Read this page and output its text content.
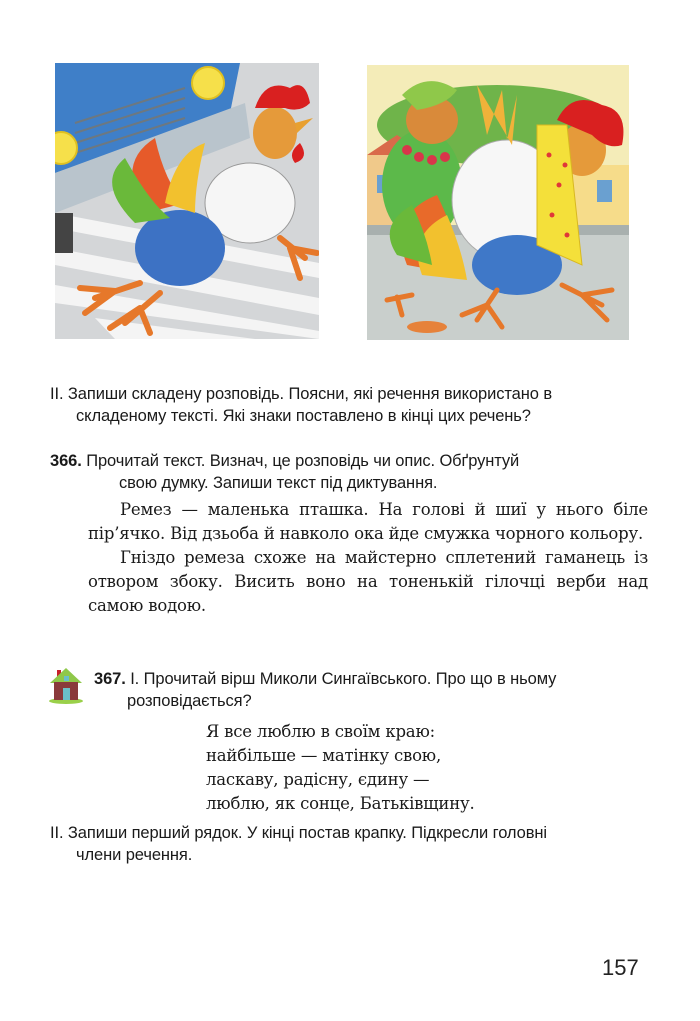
II. Запиши складену розповідь. Поясни, які речення використано в
складеному тексті. Які знаки поставлено в кінці цих речень?
366. Прочитай текст. Визнач, це розповідь чи опис. Обґрунтуй
свою думку. Запиши текст під диктування.

Ремез — маленька пташка. На голові й шиї у нього біле пір’ячко. Від дзьоба й навколо ока йде смужка чорного кольору.

Гніздо ремеза схоже на майстерно сплетений гаманець із отвором збоку. Висить воно на тоненькій гілочці верби над самою водою.

367. І. Прочитай вірш Миколи Сингаївського. Про що в ньому
розповідається?
Я все люблю в своїм краю:
найбільше — матінку свою,
ласкаву, радісну, єдину —
люблю, як сонце, Батьківщину.
II. Запиши перший рядок. У кінці постав крапку. Підкресли головні
члени речення.
157
